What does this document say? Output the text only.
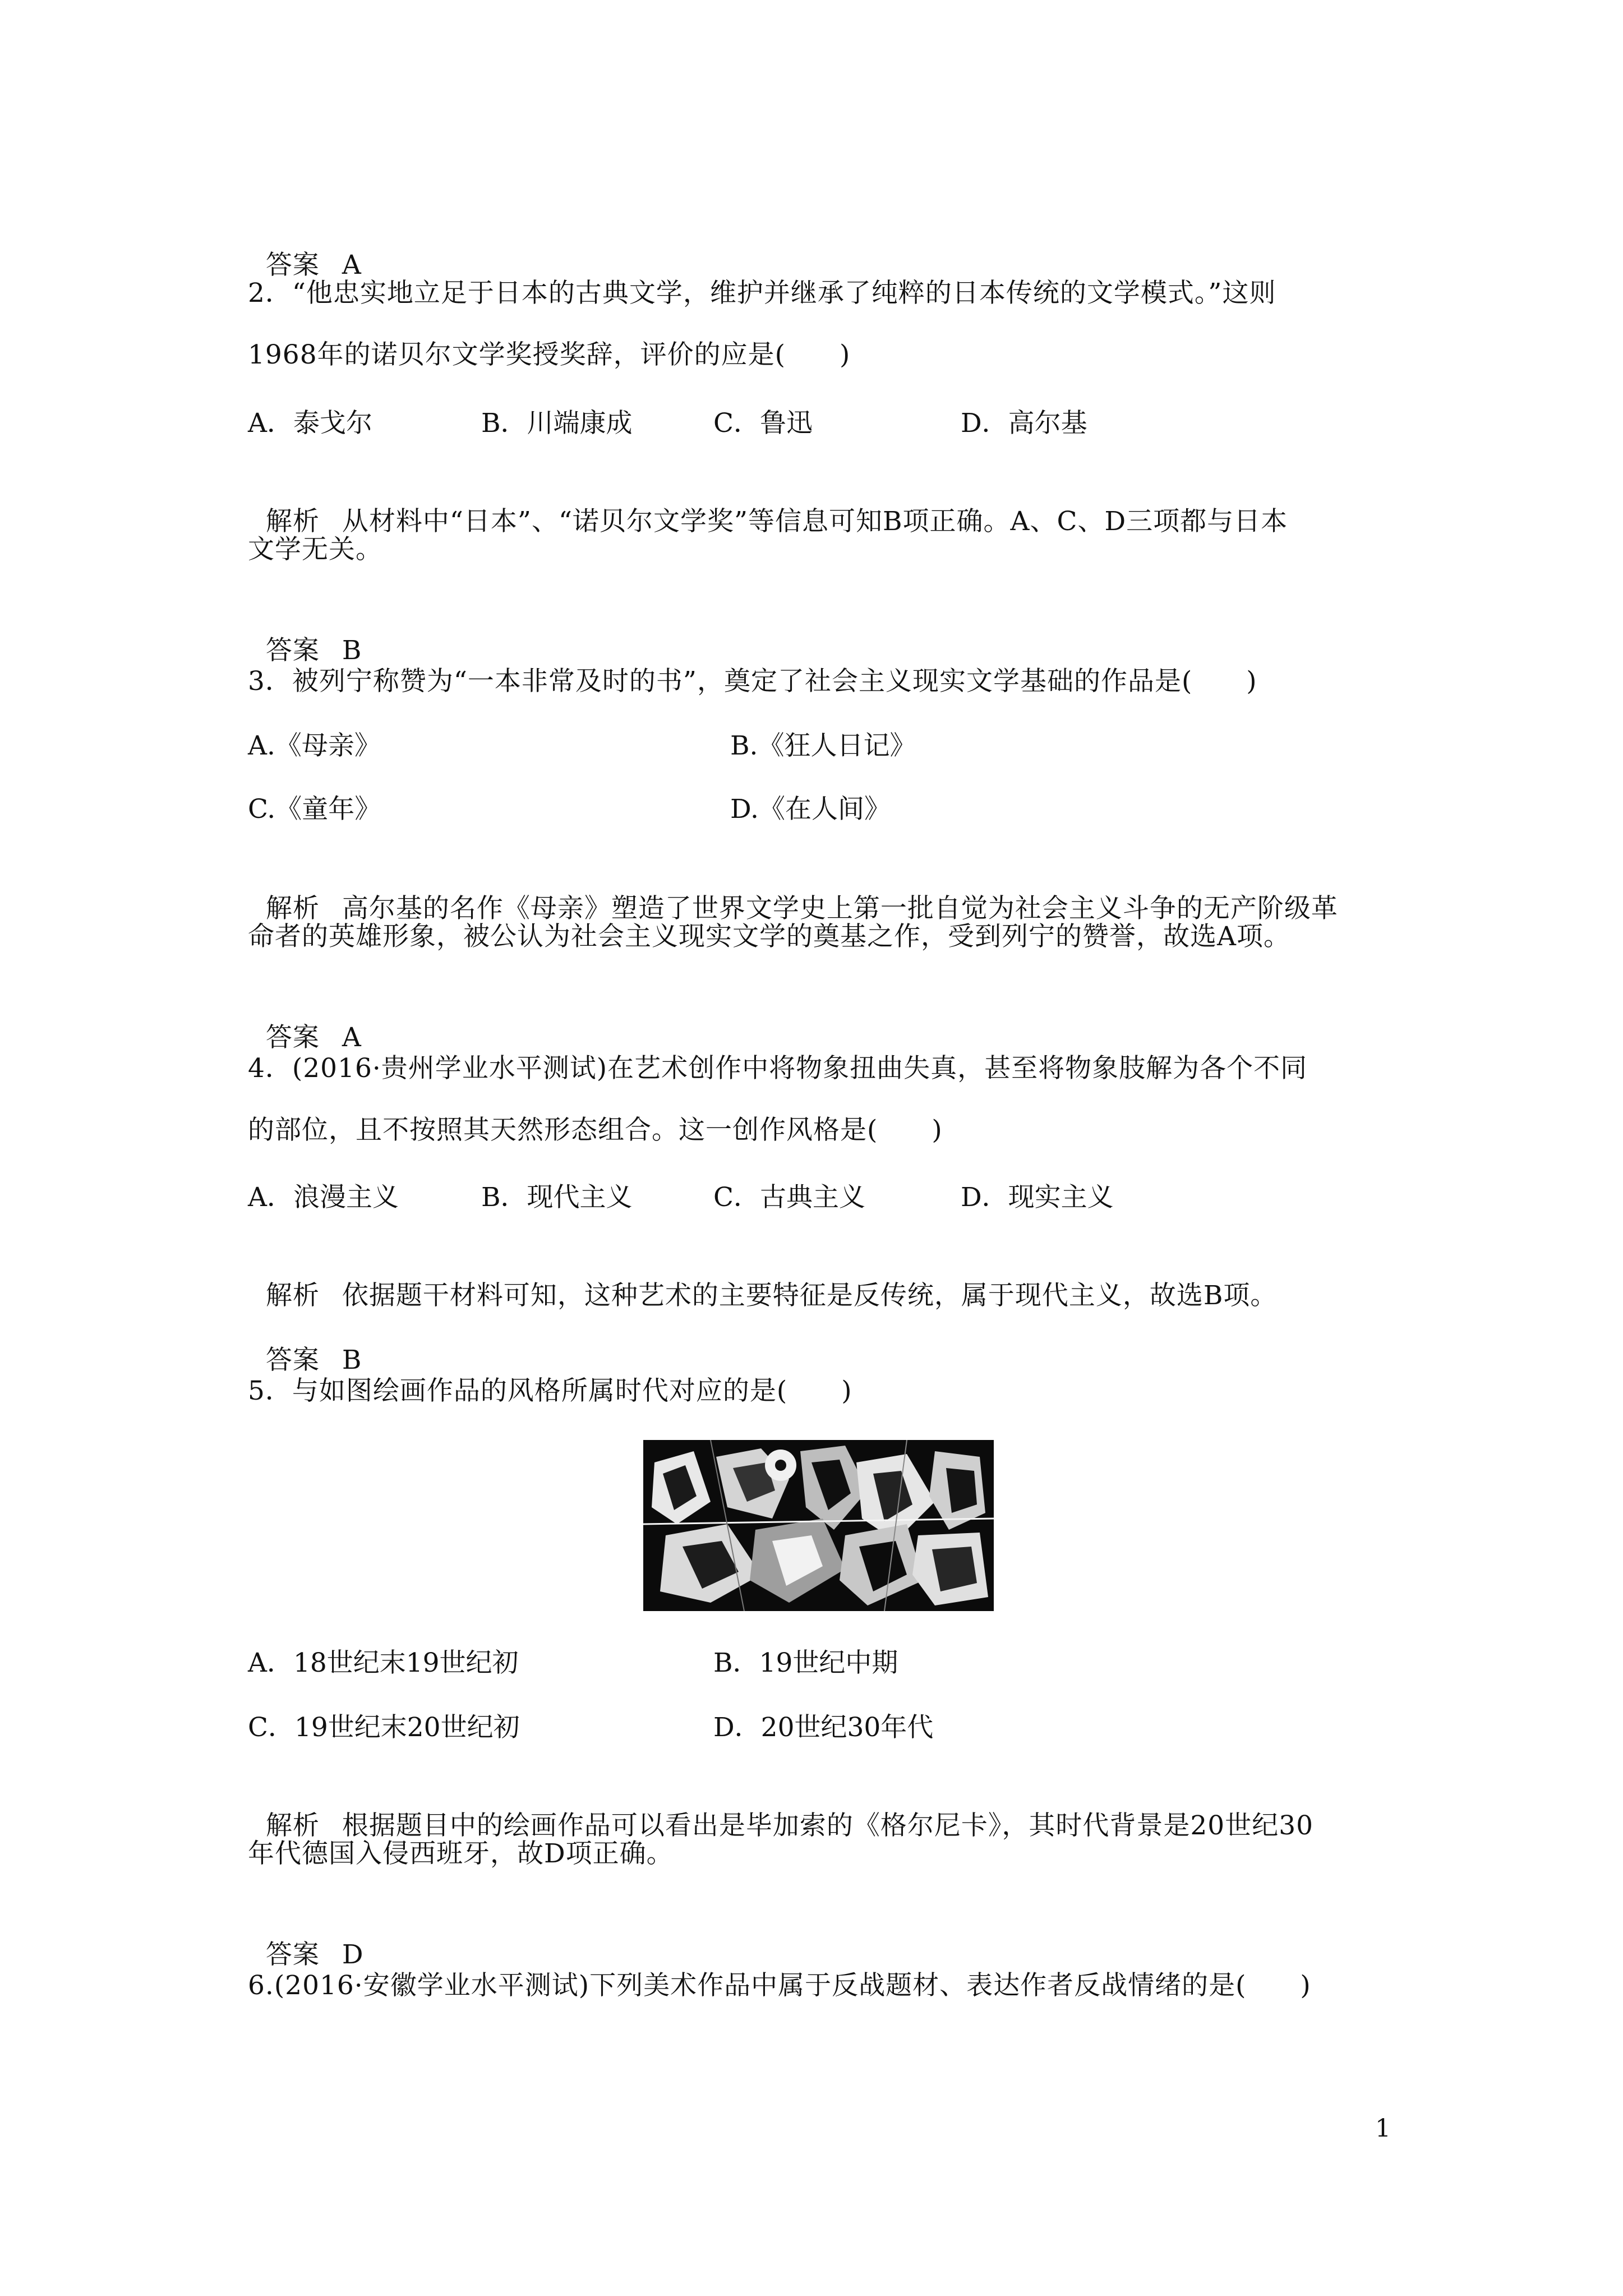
答案 A

2．“他忠实地立足于日本的古典文学，维护并继承了纯粹的日本传统的文学模式。”这则
1968年的诺贝尔文学奖授奖辞，评价的应是(　　)
A．泰戈尔	B．川端康成	C．鲁迅	D．高尔基

解析 从材料中“日本”、“诺贝尔文学奖”等信息可知B项正确。A、C、D三项都与日本

文学无关。

答案 B

3．被列宁称赞为“一本非常及时的书”，奠定了社会主义现实文学基础的作品是(　　)
A.《母亲》	B.《狂人日记》
C.《童年》	D.《在人间》

解析 高尔基的名作《母亲》塑造了世界文学史上第一批自觉为社会主义斗争的无产阶级革

命者的英雄形象，被公认为社会主义现实文学的奠基之作，受到列宁的赞誉，故选A项。

答案 A

4．(2016·贵州学业水平测试)在艺术创作中将物象扭曲失真，甚至将物象肢解为各个不同
的部位，且不按照其天然形态组合。这一创作风格是(　　)
A．浪漫主义	B．现代主义	C．古典主义	D．现实主义

解析 依据题干材料可知，这种艺术的主要特征是反传统，属于现代主义，故选B项。

答案 B

5．与如图绘画作品的风格所属时代对应的是(　　)
A．18世纪末19世纪初	B．19世纪中期
C．19世纪末20世纪初	D．20世纪30年代

解析 根据题目中的绘画作品可以看出是毕加索的《格尔尼卡》，其时代背景是20世纪30

年代德国入侵西班牙，故D项正确。

答案 D

6.(2016·安徽学业水平测试)下列美术作品中属于反战题材、表达作者反战情绪的是(　　)
1
